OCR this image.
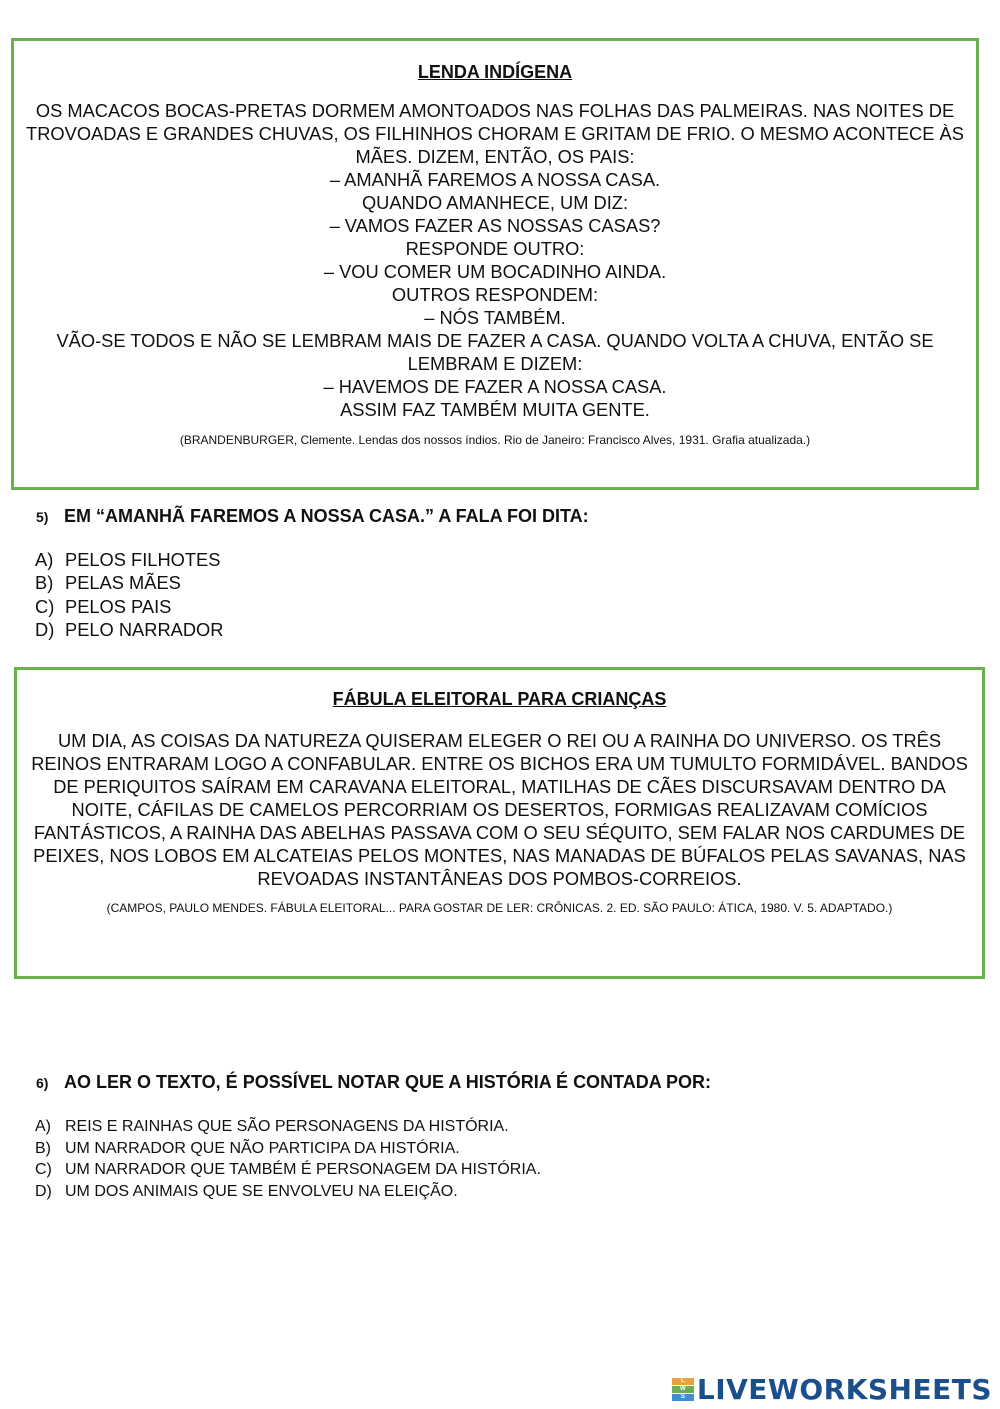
LENDA INDÍGENA
OS MACACOS BOCAS-PRETAS DORMEM AMONTOADOS NAS FOLHAS DAS PALMEIRAS. NAS NOITES DE TROVOADAS E GRANDES CHUVAS, OS FILHINHOS CHORAM E GRITAM DE FRIO. O MESMO ACONTECE ÀS MÃES. DIZEM, ENTÃO, OS PAIS:
– AMANHÃ FAREMOS A NOSSA CASA.
QUANDO AMANHECE, UM DIZ:
– VAMOS FAZER AS NOSSAS CASAS?
RESPONDE OUTRO:
– VOU COMER UM BOCADINHO AINDA.
OUTROS RESPONDEM:
– NÓS TAMBÉM.
VÃO-SE TODOS E NÃO SE LEMBRAM MAIS DE FAZER A CASA. QUANDO VOLTA A CHUVA, ENTÃO SE LEMBRAM E DIZEM:
– HAVEMOS DE FAZER A NOSSA CASA.
ASSIM FAZ TAMBÉM MUITA GENTE.
(BRANDENBURGER, Clemente. Lendas dos nossos índios. Rio de Janeiro: Francisco Alves, 1931. Grafia atualizada.)
5) EM “AMANHÃ FAREMOS A NOSSA CASA.” A FALA FOI DITA:
A) PELOS FILHOTES
B) PELAS MÃES
C) PELOS PAIS
D) PELO NARRADOR
FÁBULA ELEITORAL PARA CRIANÇAS
UM DIA, AS COISAS DA NATUREZA QUISERAM ELEGER O REI OU A RAINHA DO UNIVERSO. OS TRÊS REINOS ENTRARAM LOGO A CONFABULAR. ENTRE OS BICHOS ERA UM TUMULTO FORMIDÁVEL. BANDOS DE PERIQUITOS SAÍRAM EM CARAVANA ELEITORAL, MATILHAS DE CÃES DISCURSAVAM DENTRO DA NOITE, CÁFILAS DE CAMELOS PERCORRIAM OS DESERTOS, FORMIGAS REALIZAVAM COMÍCIOS FANTÁSTICOS, A RAINHA DAS ABELHAS PASSAVA COM O SEU SÉQUITO, SEM FALAR NOS CARDUMES DE PEIXES, NOS LOBOS EM ALCATEIAS PELOS MONTES, NAS MANADAS DE BÚFALOS PELAS SAVANAS, NAS REVOADAS INSTANTÂNEAS DOS POMBOS-CORREIOS.
(CAMPOS, PAULO MENDES. FÁBULA ELEITORAL... PARA GOSTAR DE LER: CRÔNICAS. 2. ED. SÃO PAULO: ÁTICA, 1980. V. 5. ADAPTADO.)
6) AO LER O TEXTO, É POSSÍVEL NOTAR QUE A HISTÓRIA É CONTADA POR:
A) REIS E RAINHAS QUE SÃO PERSONAGENS DA HISTÓRIA.
B) UM NARRADOR QUE NÃO PARTICIPA DA HISTÓRIA.
C) UM NARRADOR QUE TAMBÉM É PERSONAGEM DA HISTÓRIA.
D) UM DOS ANIMAIS QUE SE ENVOLVEU NA ELEIÇÃO.
L
W
S LIVEWORKSHEETS
